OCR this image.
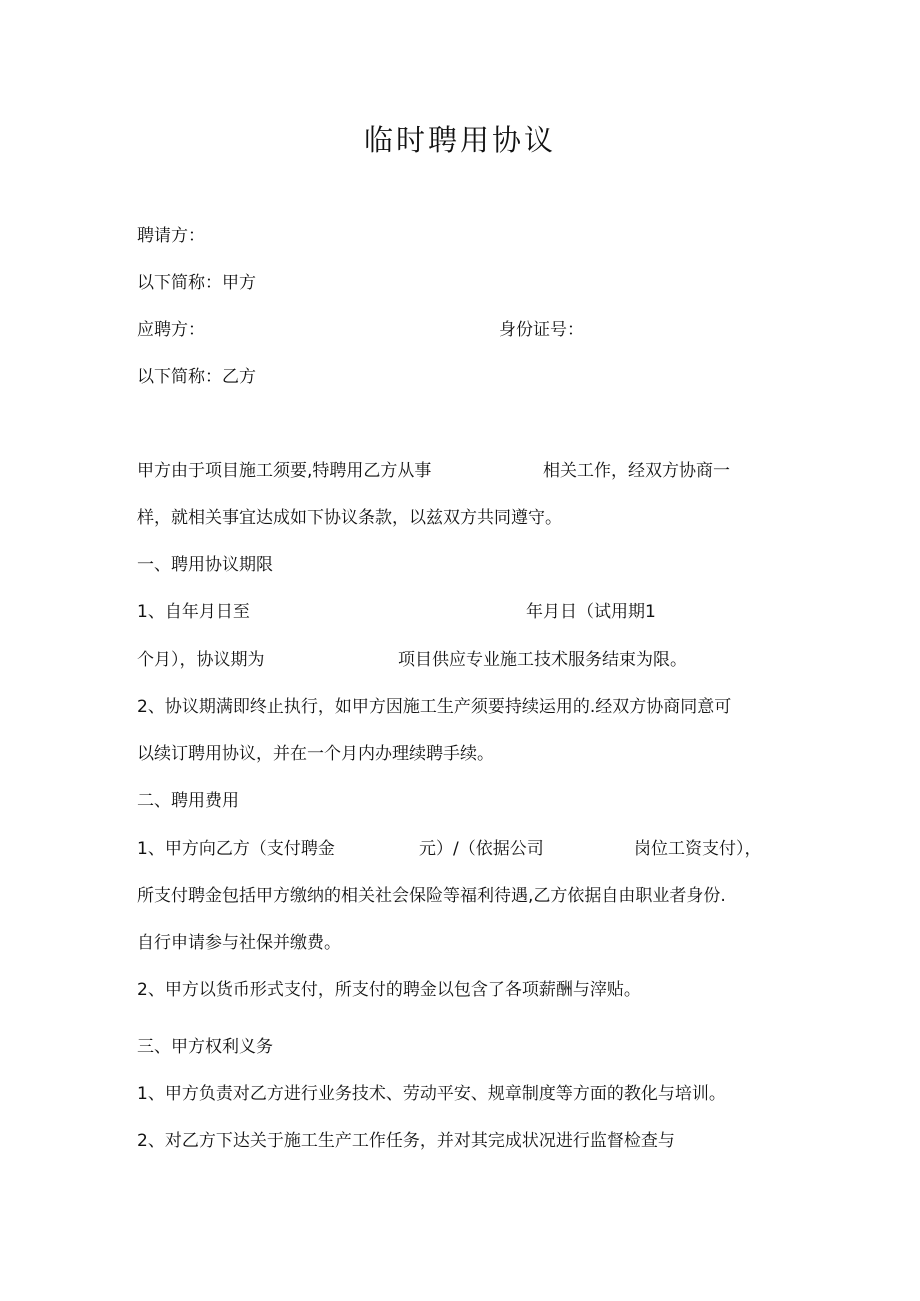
临时聘用协议
聘请方：
以下简称：甲方
应聘方：	身份证号：
以下简称：乙方
甲方由于项目施工须要,特聘用乙方从事	相关工作，经双方协商一
样，就相关事宜达成如下协议条款，以兹双方共同遵守。
一、聘用协议期限
1、自年月日至	年月日（试用期1
个月），协议期为	项目供应专业施工技术服务结束为限。
2、协议期满即终止执行，如甲方因施工生产须要持续运用的.经双方协商同意可
以续订聘用协议，并在一个月内办理续聘手续。
二、聘用费用
1、甲方向乙方（支付聘金	元）/（依据公司	岗位工资支付），
所支付聘金包括甲方缴纳的相关社会保险等福利待遇,乙方依据自由职业者身份.
自行申请参与社保并缴费。
2、甲方以货币形式支付，所支付的聘金以包含了各项薪酬与滓贴。
三、甲方权利义务
1、甲方负责对乙方进行业务技术、劳动平安、规章制度等方面的教化与培训。
2、对乙方下达关于施工生产工作任务，并对其完成状况进行监督检查与
